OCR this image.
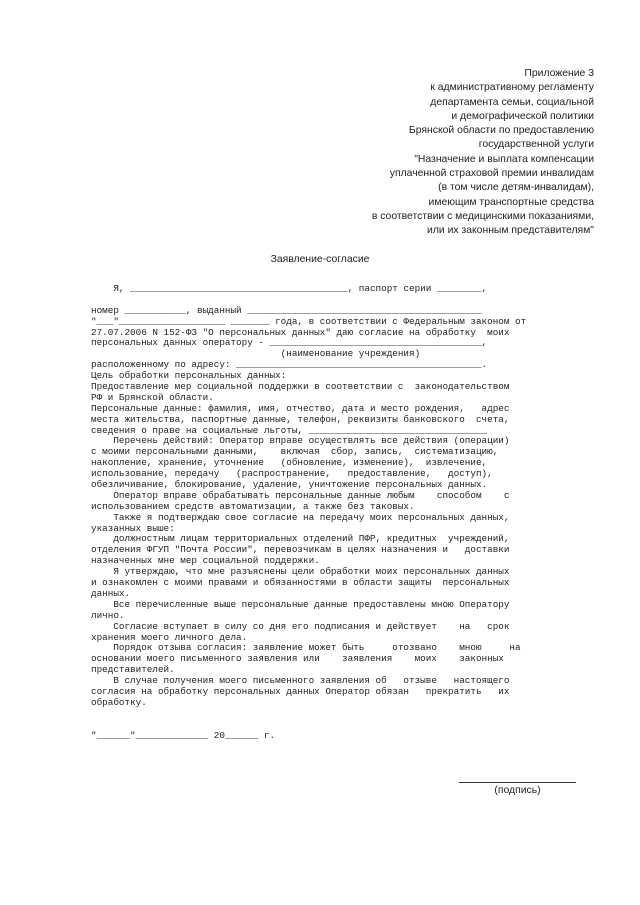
Приложение 3
к административному регламенту
департамента семьи, социальной
и демографической политики
Брянской области по предоставлению
государственной услуги
"Назначение и выплата компенсации
уплаченной страховой премии инвалидам
(в том числе детям-инвалидам),
имеющим транспортные средства
в соответствии с медицинскими показаниями,
или их законным представителям"
Заявление-согласие
Я, _______________________________________, паспорт серии ________,
номер ___________, выданный __________________________________________
"___"___________________ _______ года, в соответствии с Федеральным законом от
27.07.2006 N 152-ФЗ "О персональных данных" даю согласие на обработку  моих
персональных данных оператору - ______________________________________,
(наименование учреждения)
расположенному по адресу: ____________________________________________.
Цель обработки персональных данных:
Предоставление мер социальной поддержки в соответствии с  законодательством
РФ и Брянской области.
Персональные данные: фамилия, имя, отчество, дата и место рождения,   адрес
места жительства, паспортные данные, телефон, реквизиты банковского  счета,
сведения о праве на социальные льготы, ________________________________
Перечень действий: Оператор вправе осуществлять все действия (операции)
с моими персональными данными,    включая  сбор, запись,  систематизацию,
накопление, хранение, уточнение   (обновление, изменение),  извлечение,
использование, передачу   (распространение,   предоставление,   доступ),
обезличивание, блокирование, удаление, уничтожение персональных данных.
Оператор вправе обрабатывать персональные данные любым    способом    с
использованием средств автоматизации, а также без таковых.
Также я подтверждаю свое согласие на передачу моих персональных данных,
указанных выше:
должностным лицам территориальных отделений ПФР, кредитных  учреждений,
отделения ФГУП "Почта России", перевозчикам в целях назначения и   доставки
назначенных мне мер социальной поддержки.
Я утверждаю, что мне разъяснены цели обработки моих персональных данных
и ознакомлен с моими правами и обязанностями в области защиты  персональных
данных.
Все перечисленные выше персональные данные предоставлены мною Оператору
лично.
Согласие вступает в силу со дня его подписания и действует    на   срок
хранения моего личного дела.
Порядок отзыва согласия: заявление может быть     отозвано    мною     на
основании моего письменного заявления или    заявления    моих    законных
представителей.
В случае получения моего письменного заявления об   отзыве   настоящего
согласия на обработку персональных данных Оператор обязан   прекратить   их
обработку.
"______"_____________ 20______ г.
(подпись)
